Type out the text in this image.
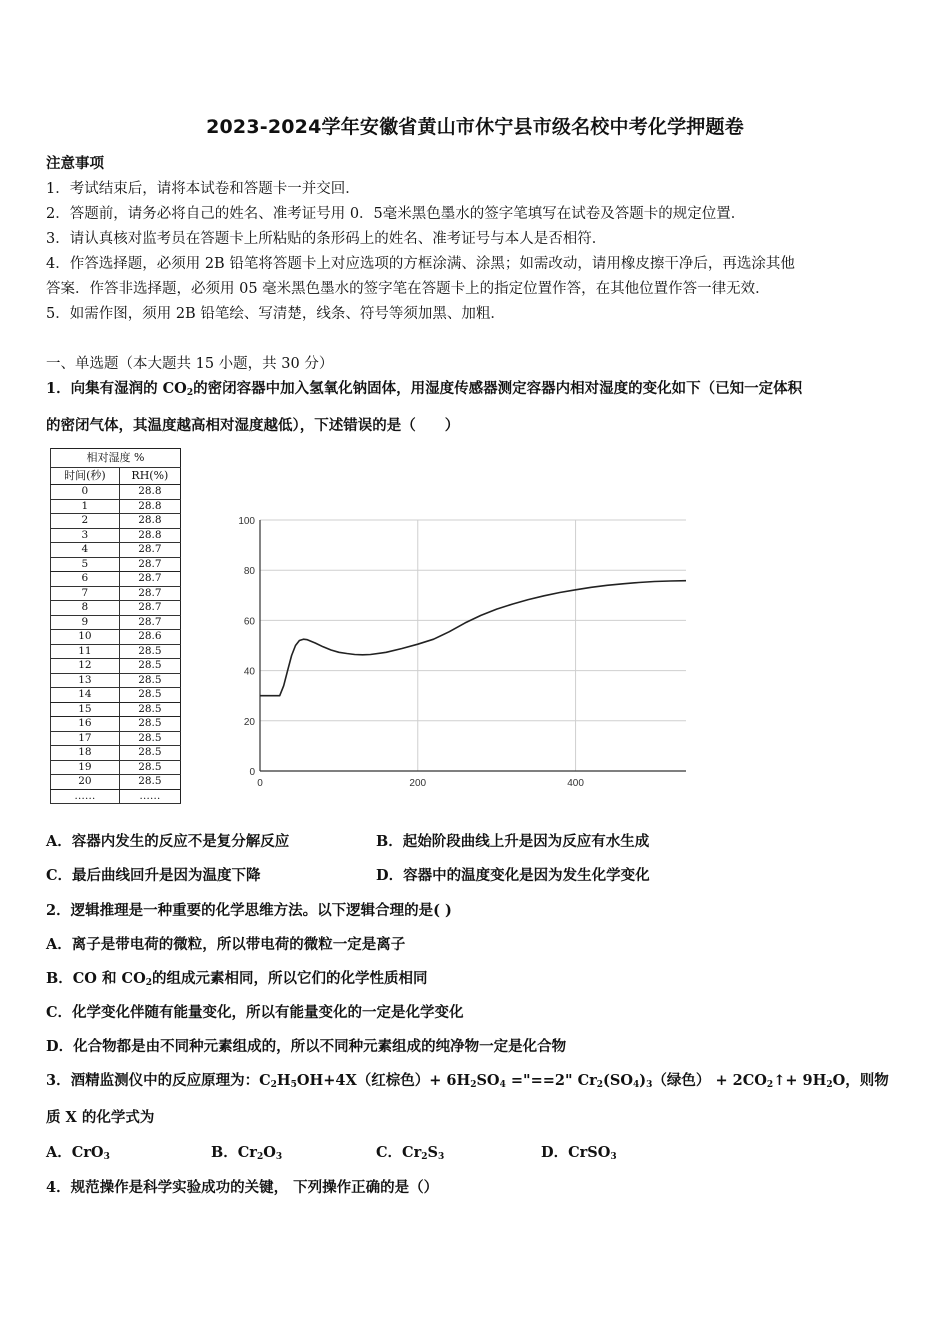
2023-2024学年安徽省黄山市休宁县市级名校中考化学押题卷
注意事项
1．考试结束后，请将本试卷和答题卡一并交回．
2．答题前，请务必将自己的姓名、准考证号用 0．5毫米黑色墨水的签字笔填写在试卷及答题卡的规定位置．
3．请认真核对监考员在答题卡上所粘贴的条形码上的姓名、准考证号与本人是否相符．
4．作答选择题，必须用 2B 铅笔将答题卡上对应选项的方框涂满、涂黑；如需改动，请用橡皮擦干净后，再选涂其他
答案．作答非选择题，必须用 05 毫米黑色墨水的签字笔在答题卡上的指定位置作答，在其他位置作答一律无效．
5．如需作图，须用 2B 铅笔绘、写清楚，线条、符号等须加黑、加粗．
一、单选题（本大题共 15 小题，共 30 分）
1．向集有湿润的 $CO_2$的密闭容器中加入氢氧化钠固体，用湿度传感器测定容器内相对湿度的变化如下（已知一定体积
的密闭气体，其温度越高相对湿度越低），下述错误的是（　　）
相对湿度 %	
时间(秒)	RH(%)
0	28.8
1	28.8
2	28.8
3	28.8
4	28.7
5	28.7
6	28.7
7	28.7
8	28.7
9	28.7
10	28.6
11	28.5
12	28.5
13	28.5
14	28.5
15	28.5
16	28.5
17	28.5
18	28.5
19	28.5
20	28.5
……	……
0
20
40
60
80
100
0	200	400
A．容器内发生的反应不是复分解反应	B．起始阶段曲线上升是因为反应有水生成
C．最后曲线回升是因为温度下降	D．容器中的温度变化是因为发生化学变化
2．逻辑推理是一种重要的化学思维方法。以下逻辑合理的是( )
A．离子是带电荷的微粒，所以带电荷的微粒一定是离子
B．CO 和 $CO_2$的组成元素相同，所以它们的化学性质相同
C．化学变化伴随有能量变化，所以有能量变化的一定是化学变化
D．化合物都是由不同种元素组成的，所以不同种元素组成的纯净物一定是化合物
3．酒精监测仪中的反应原理为：$C_2H_5OH+4X$（红棕色）+ $6H_2SO_4$ ="==2" $Cr_2(SO_4)_3$（绿色） + $2CO_2↑+ 9H_2O$，则物
质 X 的化学式为
A．CrO$_3$	B．$Cr_2O_3$	C．$Cr_2S_3$	D．CrSO$_3$
4．规范操作是科学实验成功的关键， 下列操作正确的是（）
